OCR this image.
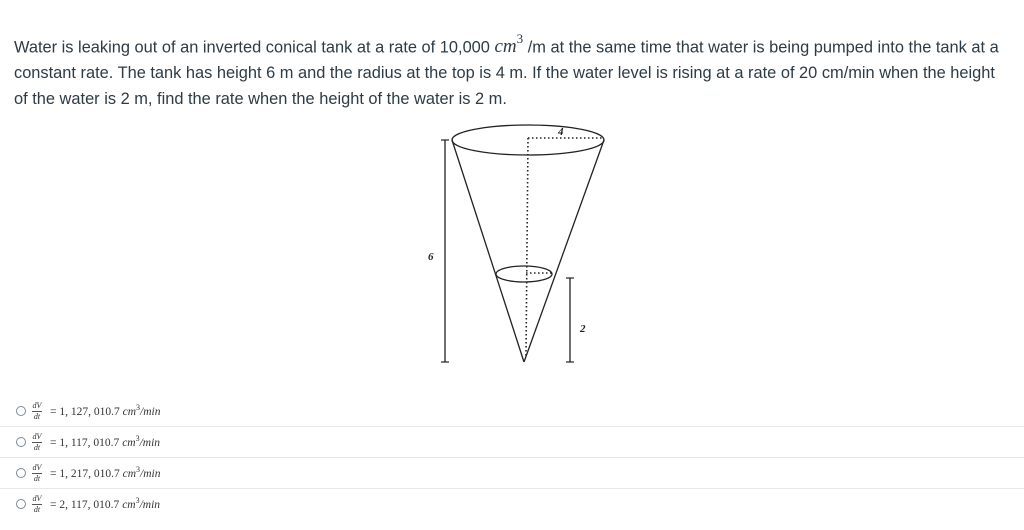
Water is leaking out of an inverted conical tank at a rate of 10,000 $cm^3$ /m at the same time that water is being pumped into the tank at a constant rate. The tank has height 6 m and the radius at the top is 4 m. If the water level is rising at a rate of 20 cm/min when the height of the water is 2 m, find the rate when the height of the water is 2 m.
4
6
2
$\frac{dV}{dt} = 1$, 127, 010.7 $cm^3/\min$
$\frac{dV}{dt} = 1$, 117, 010.7 $cm^3/\min$
$\frac{dV}{dt} = 1$, 217, 010.7 $cm^3/\min$
$\frac{dV}{dt} = 2$, 117, 010.7 $cm^3/\min$
